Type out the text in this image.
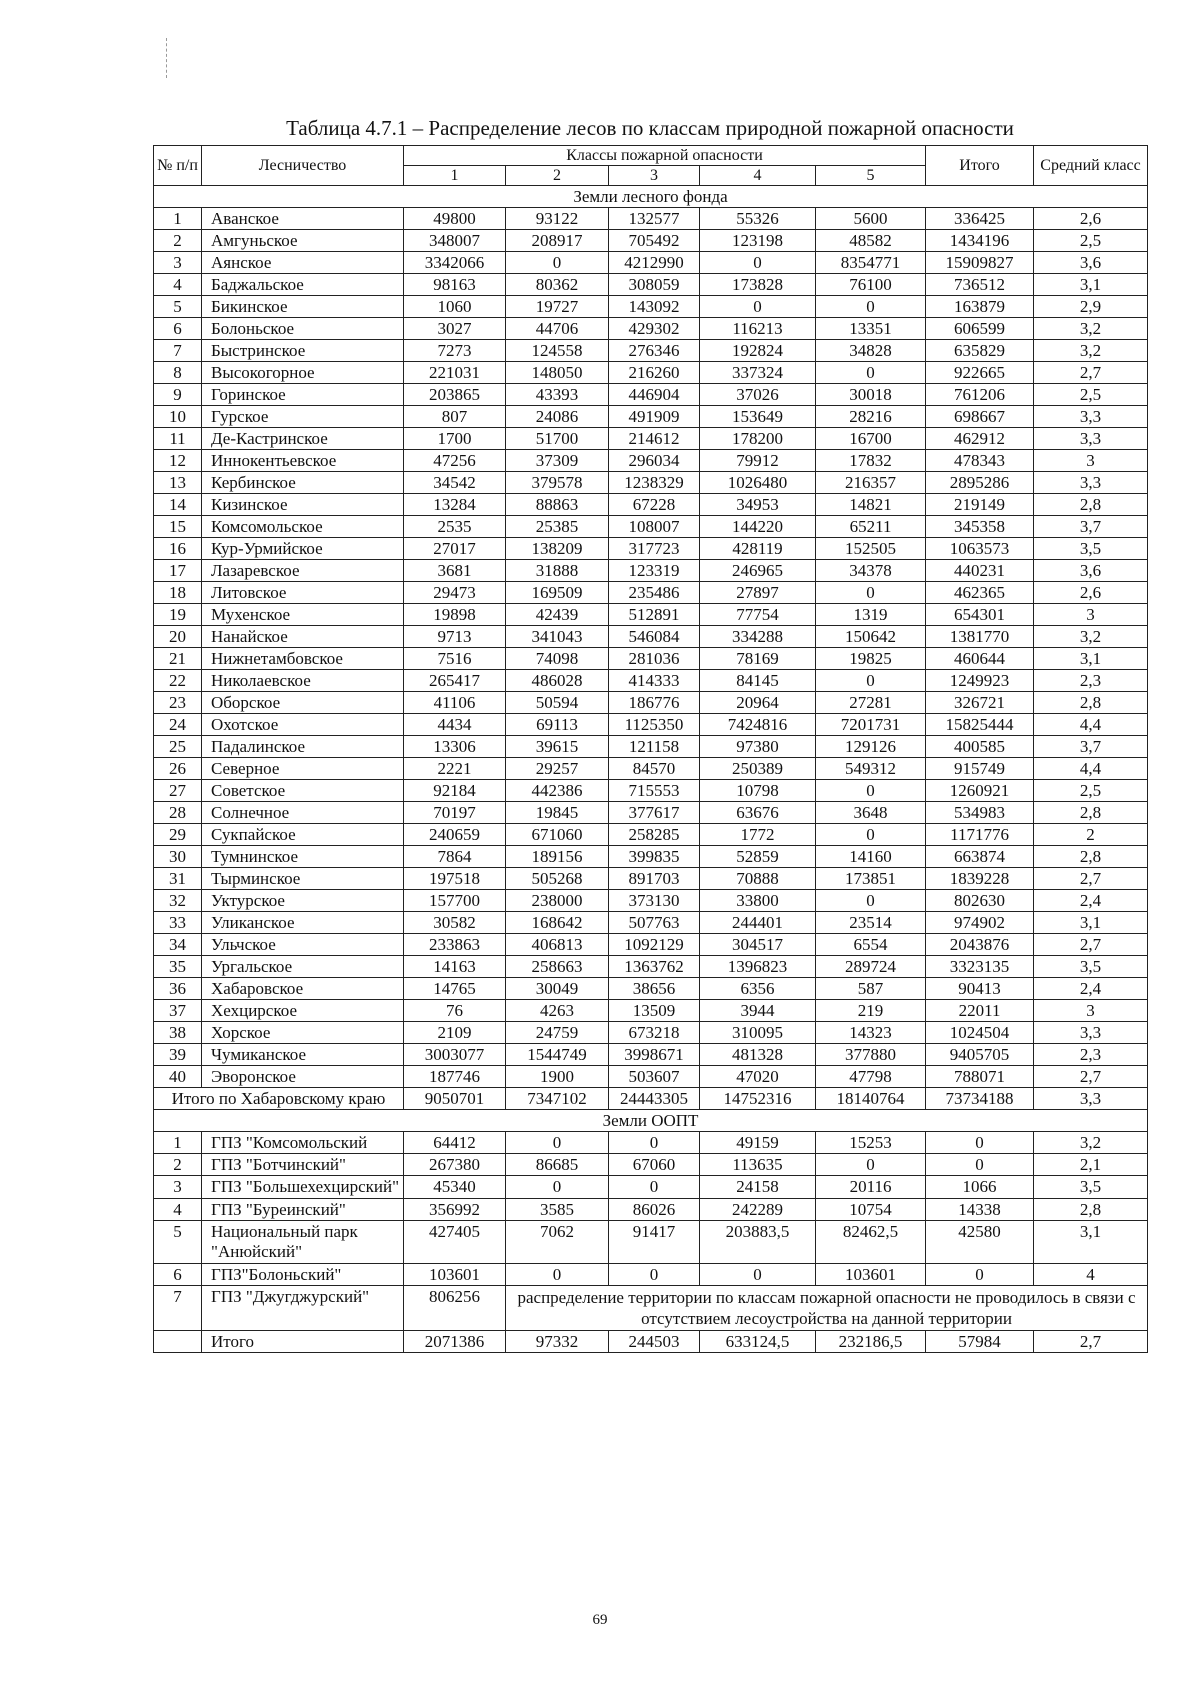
Таблица 4.7.1 – Распределение лесов по классам природной пожарной опасности
№ п/п	Лесничество	Классы пожарной опасности					Итого	Средний класс
		1	2	3	4	5		
Земли лесного фонда								
1	Аванское	49800	93122	132577	55326	5600	336425	2,6
2	Амгуньское	348007	208917	705492	123198	48582	1434196	2,5
3	Аянское	3342066	0	4212990	0	8354771	15909827	3,6
4	Баджальское	98163	80362	308059	173828	76100	736512	3,1
5	Бикинское	1060	19727	143092	0	0	163879	2,9
6	Болоньское	3027	44706	429302	116213	13351	606599	3,2
7	Быстринское	7273	124558	276346	192824	34828	635829	3,2
8	Высокогорное	221031	148050	216260	337324	0	922665	2,7
9	Горинское	203865	43393	446904	37026	30018	761206	2,5
10	Гурское	807	24086	491909	153649	28216	698667	3,3
11	Де-Кастринское	1700	51700	214612	178200	16700	462912	3,3
12	Иннокентьевское	47256	37309	296034	79912	17832	478343	3
13	Кербинское	34542	379578	1238329	1026480	216357	2895286	3,3
14	Кизинское	13284	88863	67228	34953	14821	219149	2,8
15	Комсомольское	2535	25385	108007	144220	65211	345358	3,7
16	Кур-Урмийское	27017	138209	317723	428119	152505	1063573	3,5
17	Лазаревское	3681	31888	123319	246965	34378	440231	3,6
18	Литовское	29473	169509	235486	27897	0	462365	2,6
19	Мухенское	19898	42439	512891	77754	1319	654301	3
20	Нанайское	9713	341043	546084	334288	150642	1381770	3,2
21	Нижнетамбовское	7516	74098	281036	78169	19825	460644	3,1
22	Николаевское	265417	486028	414333	84145	0	1249923	2,3
23	Оборское	41106	50594	186776	20964	27281	326721	2,8
24	Охотское	4434	69113	1125350	7424816	7201731	15825444	4,4
25	Падалинское	13306	39615	121158	97380	129126	400585	3,7
26	Северное	2221	29257	84570	250389	549312	915749	4,4
27	Советское	92184	442386	715553	10798	0	1260921	2,5
28	Солнечное	70197	19845	377617	63676	3648	534983	2,8
29	Сукпайское	240659	671060	258285	1772	0	1171776	2
30	Тумнинское	7864	189156	399835	52859	14160	663874	2,8
31	Тырминское	197518	505268	891703	70888	173851	1839228	2,7
32	Уктурское	157700	238000	373130	33800	0	802630	2,4
33	Уликанское	30582	168642	507763	244401	23514	974902	3,1
34	Ульчское	233863	406813	1092129	304517	6554	2043876	2,7
35	Ургальское	14163	258663	1363762	1396823	289724	3323135	3,5
36	Хабаровское	14765	30049	38656	6356	587	90413	2,4
37	Хехцирское	76	4263	13509	3944	219	22011	3
38	Хорское	2109	24759	673218	310095	14323	1024504	3,3
39	Чумиканское	3003077	1544749	3998671	481328	377880	9405705	2,3
40	Эворонское	187746	1900	503607	47020	47798	788071	2,7
Итого по Хабаровскому краю		9050701	7347102	24443305	14752316	18140764	73734188	3,3
Земли ООПТ								
1	ГПЗ "Комсомольский	64412	0	0	49159	15253	0	3,2
2	ГПЗ "Ботчинский"	267380	86685	67060	113635	0	0	2,1
3	ГПЗ "Большехехцирский"	45340	0	0	24158	20116	1066	3,5
4	ГПЗ "Буреинский"	356992	3585	86026	242289	10754	14338	2,8
5	Национальный парк "Анюйский"	427405	7062	91417	203883,5	82462,5	42580	3,1
6	ГПЗ"Болоньский"	103601	0	0	0	103601	0	4
7	ГПЗ "Джугджурский"	806256	распределение территории по классам пожарной опасности не проводилось в связи с отсутствием лесоустройства на данной территории					
	Итого	2071386	97332	244503	633124,5	232186,5	57984	2,7
69
